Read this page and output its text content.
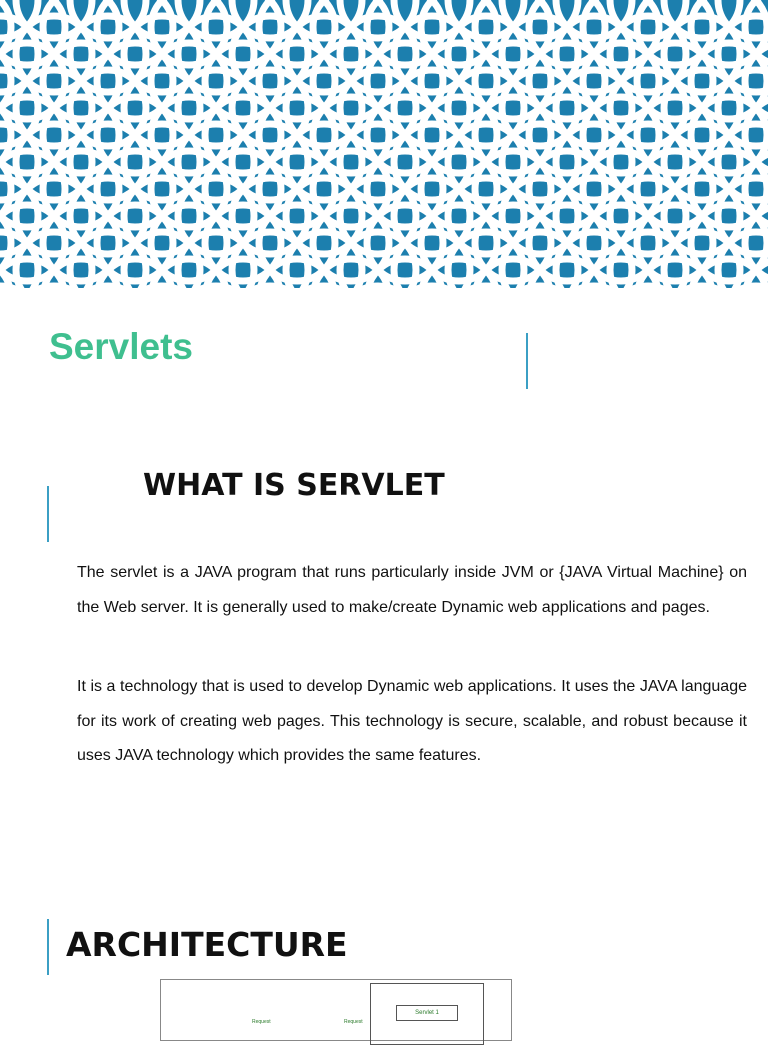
Servlets
WHAT IS SERVLET

The servlet is a JAVA program that runs particularly inside JVM or {JAVA Virtual Machine} on the Web server. It is generally used to make/create Dynamic web applications and pages.

It is a technology that is used to develop Dynamic web applications. It uses the JAVA language for its work of creating web pages. This technology is secure, scalable, and robust because it uses JAVA technology which provides the same features.

ARCHITECTURE
Request	Request
Servlet 1
